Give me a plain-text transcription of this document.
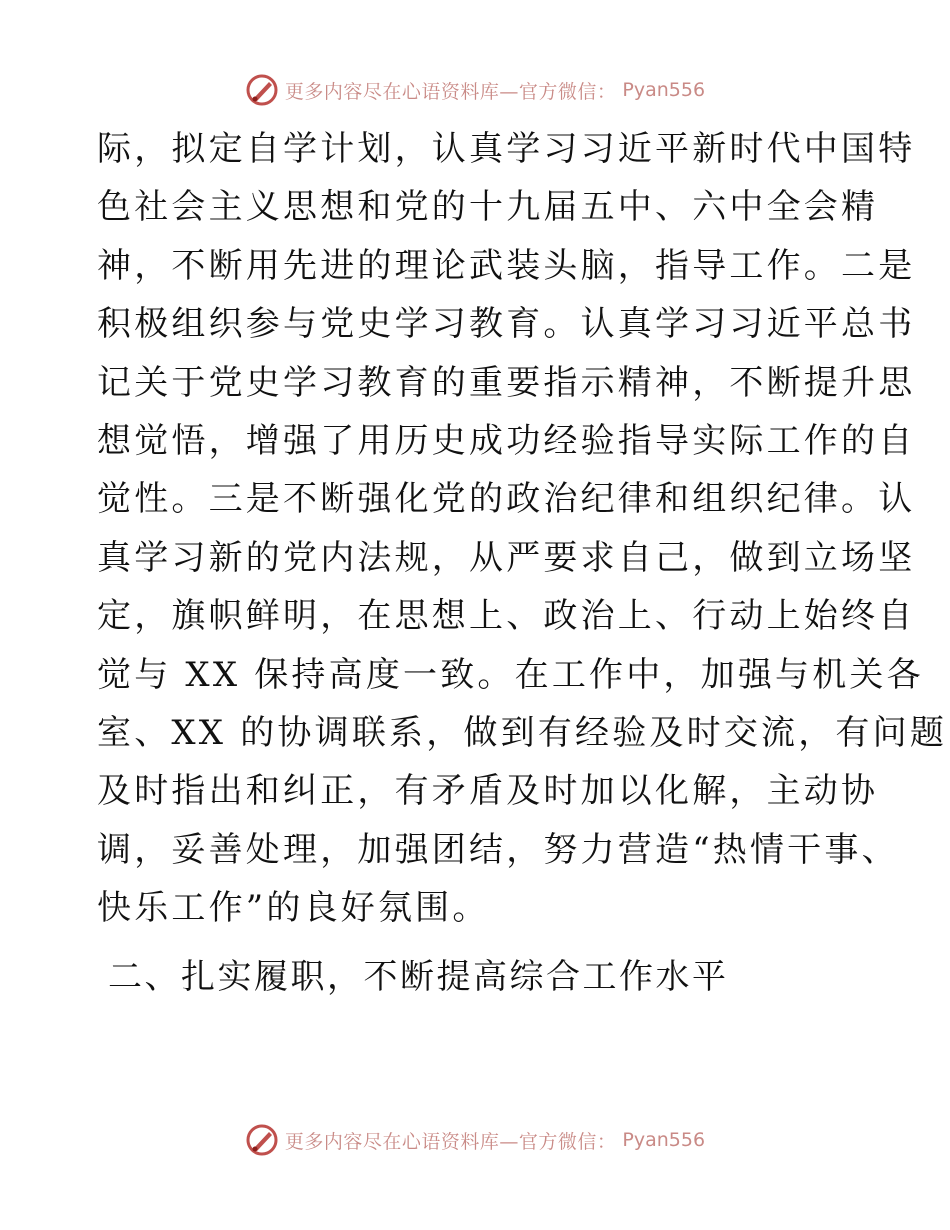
更多内容尽在心语资料库—官方微信： Pyan556
际，拟定自学计划，认真学习习近平新时代中国特
色社会主义思想和党的十九届五中、六中全会精
神，不断用先进的理论武装头脑，指导工作。二是
积极组织参与党史学习教育。认真学习习近平总书
记关于党史学习教育的重要指示精神，不断提升思
想觉悟，增强了用历史成功经验指导实际工作的自
觉性。三是不断强化党的政治纪律和组织纪律。认
真学习新的党内法规，从严要求自己，做到立场坚
定，旗帜鲜明，在思想上、政治上、行动上始终自
觉与 XX 保持高度一致。在工作中，加强与机关各
室、XX 的协调联系，做到有经验及时交流，有问题
及时指出和纠正，有矛盾及时加以化解，主动协
调，妥善处理，加强团结，努力营造“热情干事、
快乐工作”的良好氛围。
二、扎实履职，不断提高综合工作水平
更多内容尽在心语资料库—官方微信： Pyan556
